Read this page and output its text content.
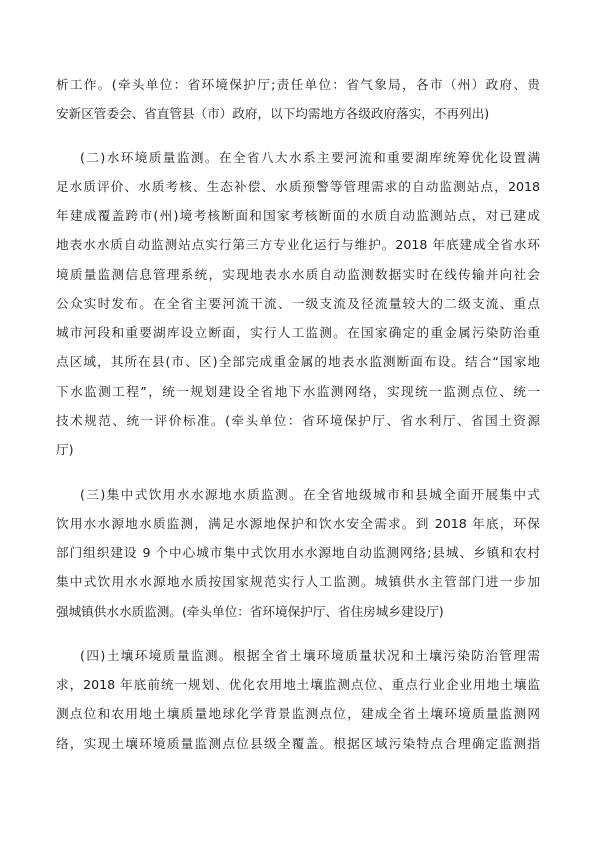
析工作。(牵头单位：省环境保护厅;责任单位：省气象局，各市（州）政府、贵
安新区管委会、省直管县（市）政府，以下均需地方各级政府落实，不再列出)
(二)水环境质量监测。在全省八大水系主要河流和重要湖库统筹优化设置满
足水质评价、水质考核、生态补偿、水质预警等管理需求的自动监测站点，2018
年建成覆盖跨市(州)境考核断面和国家考核断面的水质自动监测站点，对已建成
地表水水质自动监测站点实行第三方专业化运行与维护。2018 年底建成全省水环
境质量监测信息管理系统，实现地表水水质自动监测数据实时在线传输并向社会
公众实时发布。在全省主要河流干流、一级支流及径流量较大的二级支流、重点
城市河段和重要湖库设立断面，实行人工监测。在国家确定的重金属污染防治重
点区域，其所在县(市、区)全部完成重金属的地表水监测断面布设。结合“国家地
下水监测工程”，统一规划建设全省地下水监测网络，实现统一监测点位、统一
技术规范、统一评价标准。(牵头单位：省环境保护厅、省水利厅、省国土资源
厅)
(三)集中式饮用水水源地水质监测。在全省地级城市和县城全面开展集中式
饮用水水源地水质监测，满足水源地保护和饮水安全需求。到 2018 年底，环保
部门组织建设 9 个中心城市集中式饮用水水源地自动监测网络;县城、乡镇和农村
集中式饮用水水源地水质按国家规范实行人工监测。城镇供水主管部门进一步加
强城镇供水水质监测。(牵头单位：省环境保护厅、省住房城乡建设厅)
(四)土壤环境质量监测。根据全省土壤环境质量状况和土壤污染防治管理需
求，2018 年底前统一规划、优化农用地土壤监测点位、重点行业企业用地土壤监
测点位和农用地土壤质量地球化学背景监测点位，建成全省土壤环境质量监测网
络，实现土壤环境质量监测点位县级全覆盖。根据区域污染特点合理确定监测指
